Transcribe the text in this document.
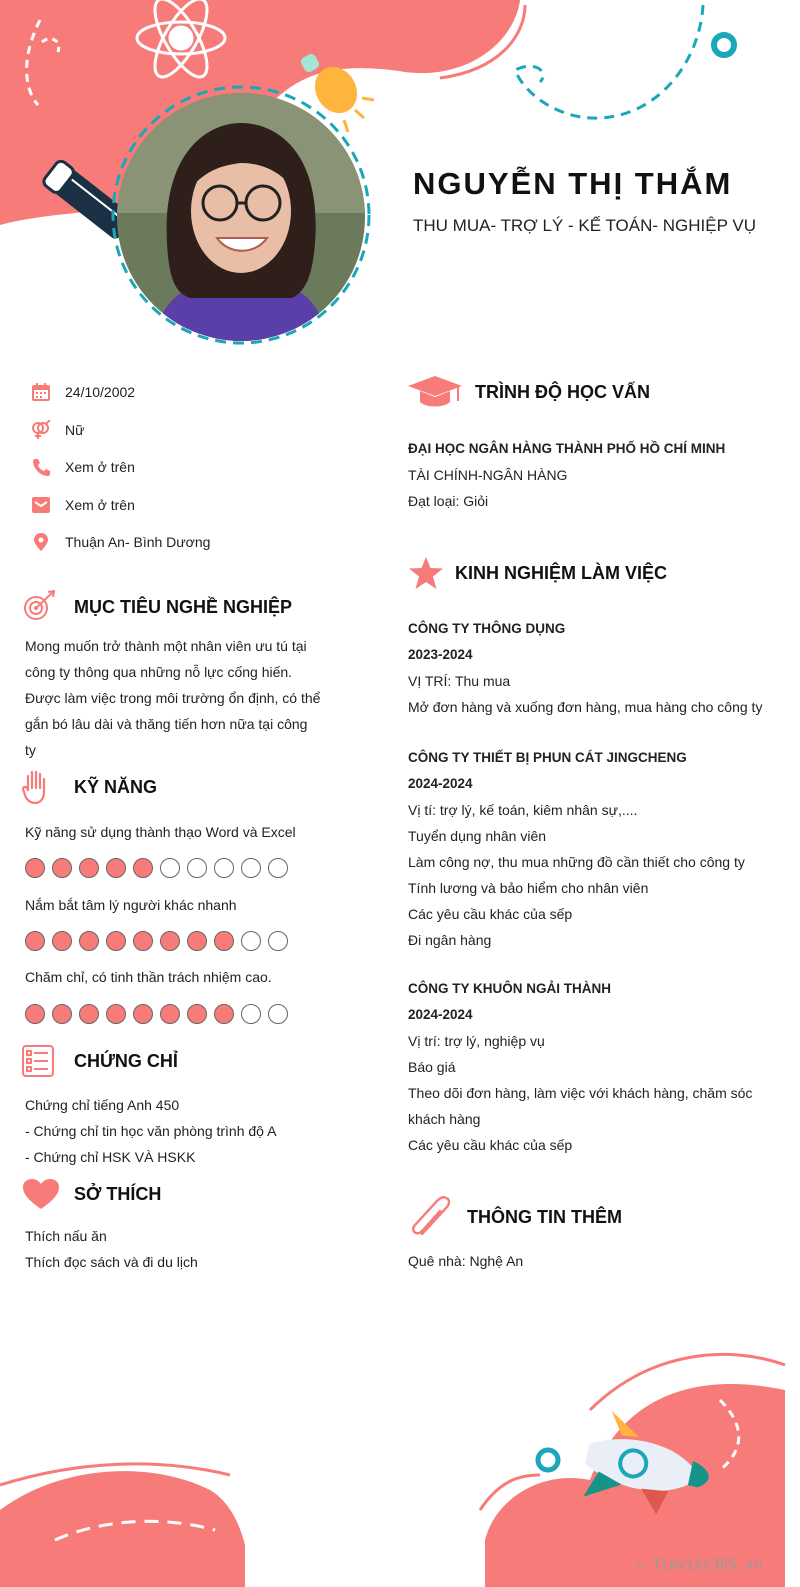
NGUYỄN THỊ THẮM
THU MUA- TRỢ LÝ - KẾ TOÁN- NGHIỆP VỤ
24/10/2002
Nữ
Xem ở trên
Xem ở trên
Thuận An- Bình Dương
MỤC TIÊU NGHỀ NGHIỆP
Mong muốn trở thành một nhân viên ưu tú tại
công ty thông qua những nỗ lực cống hiến.
Được làm việc trong môi trường ổn định, có thể
gắn bó lâu dài và thăng tiến hơn nữa tại công
ty
KỸ NĂNG
Kỹ năng sử dụng thành thạo Word và Excel
Nắm bắt tâm lý người khác nhanh
Chăm chỉ, có tinh thần trách nhiệm cao.
CHỨNG CHỈ
Chứng chỉ tiếng Anh 450
- Chứng chỉ tin học văn phòng trình độ A
- Chứng chỉ HSK VÀ HSKK
SỞ THÍCH
Thích nấu ăn
Thích đọc sách và đi du lịch
TRÌNH ĐỘ HỌC VẤN
ĐẠI HỌC NGÂN HÀNG THÀNH PHỐ HỒ CHÍ MINH
TÀI CHÍNH-NGÂN HÀNG
Đạt loại: Giỏi
KINH NGHIỆM LÀM VIỆC
CÔNG TY THÔNG DỤNG
2023-2024
VỊ TRÍ: Thu mua
Mở đơn hàng và xuống đơn hàng, mua hàng cho công ty
CÔNG TY THIẾT BỊ PHUN CÁT JINGCHENG
2024-2024
Vị tí: trợ lý, kế toán, kiêm nhân sự,....
Tuyển dụng nhân viên
Làm công nợ, thu mua những đồ cần thiết cho công ty
Tính lương và bảo hiểm cho nhân viên
Các yêu cầu khác của sếp
Đi ngân hàng
CÔNG TY KHUÔN NGẢI THÀNH
2024-2024
Vị trí: trợ lý, nghiệp vụ
Báo giá
Theo dõi đơn hàng, làm việc với khách hàng, chăm sóc
khách hàng
Các yêu cầu khác của sếp
THÔNG TIN THÊM
Quê nhà: Nghệ An
∴ Timviec365.vn
